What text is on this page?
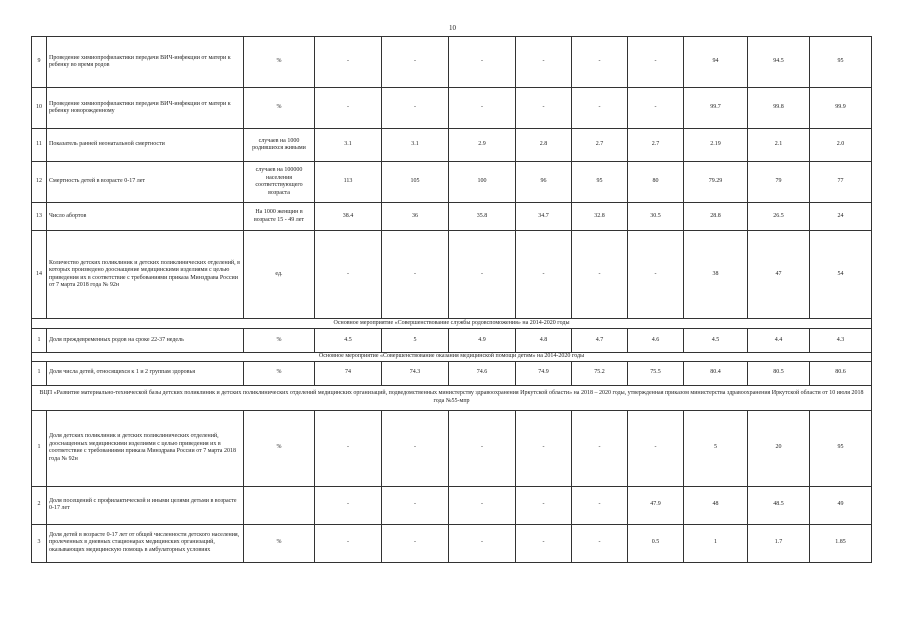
10
9	Проведение химиопрофилактики передачи ВИЧ-инфекции от матери к ребенку во время родов	%	-	-	-	-	-	-	94	94.5	95
10	Проведение химиопрофилактики передачи ВИЧ-инфекции от матери к ребенку новорожденному	%	-	-	-	-	-	-	99.7	99.8	99.9
11	Показатель ранней неонатальной смертности	случаев на 1000 родившихся живыми	3.1	3.1	2.9	2.8	2.7	2.7	2.19	2.1	2.0
12	Смертность детей в возрасте 0-17 лет	случаев на 100000 населения соответствующего возраста	113	105	100	96	95	80	79.29	79	77
13	Число абортов	На 1000 женщин в возрасте 15 - 49 лет	38.4	36	35.8	34.7	32.8	30.5	28.8	26.5	24
14	Количество детских поликлиник и детских поликлинических отделений, в которых произведено дооснащение медицинскими изделиями с целью приведения их в соответствие с требованиями приказа Минздрава России от 7 марта 2018 года № 92н	ед.	-	-	-	-	-	-	38	47	54
Основное мероприятие «Совершенствование службы родовспоможения» на 2014-2020 годы											
1	Доля преждевременных родов на сроке 22-37 недель	%	4.5	5	4.9	4.8	4.7	4.6	4.5	4.4	4.3
Основное мероприятие «Совершенствование оказания медицинской помощи детям» на 2014-2020 годы											
1	Доля числа детей, относящихся к 1 и 2 группам здоровья	%	74	74.3	74.6	74.9	75.2	75.5	80.4	80.5	80.6
ВЦП «Развитие материально-технической базы детских поликлиник и детских поликлинических отделений медицинских организаций, подведомственных министерству здравоохранения Иркутской области» на 2018 – 2020 годы, утвержденная приказом министерства здравоохранения Иркутской области от 10 июля 2018 года №55-мпр											
1	Доля детских поликлиник и детских поликлинических отделений, дооснащенных медицинскими изделиями с целью приведения их в соответствие с требованиями приказа Минздрава России от 7 марта 2018 года № 92н	%	-	-	-	-	-	-	5	20	95
2	Доля посещений с профилактической и иными целями детьми в возрасте 0-17 лет		-	-	-	-	-	47.9	48	48.5	49
3	Доля детей в возрасте 0-17 лет от общей численности детского населения, пролеченных в дневных стационарах медицинских организаций, оказывающих медицинскую помощь в амбулаторных условиях	%	-	-	-	-	-	0.5	1	1.7	1.85
